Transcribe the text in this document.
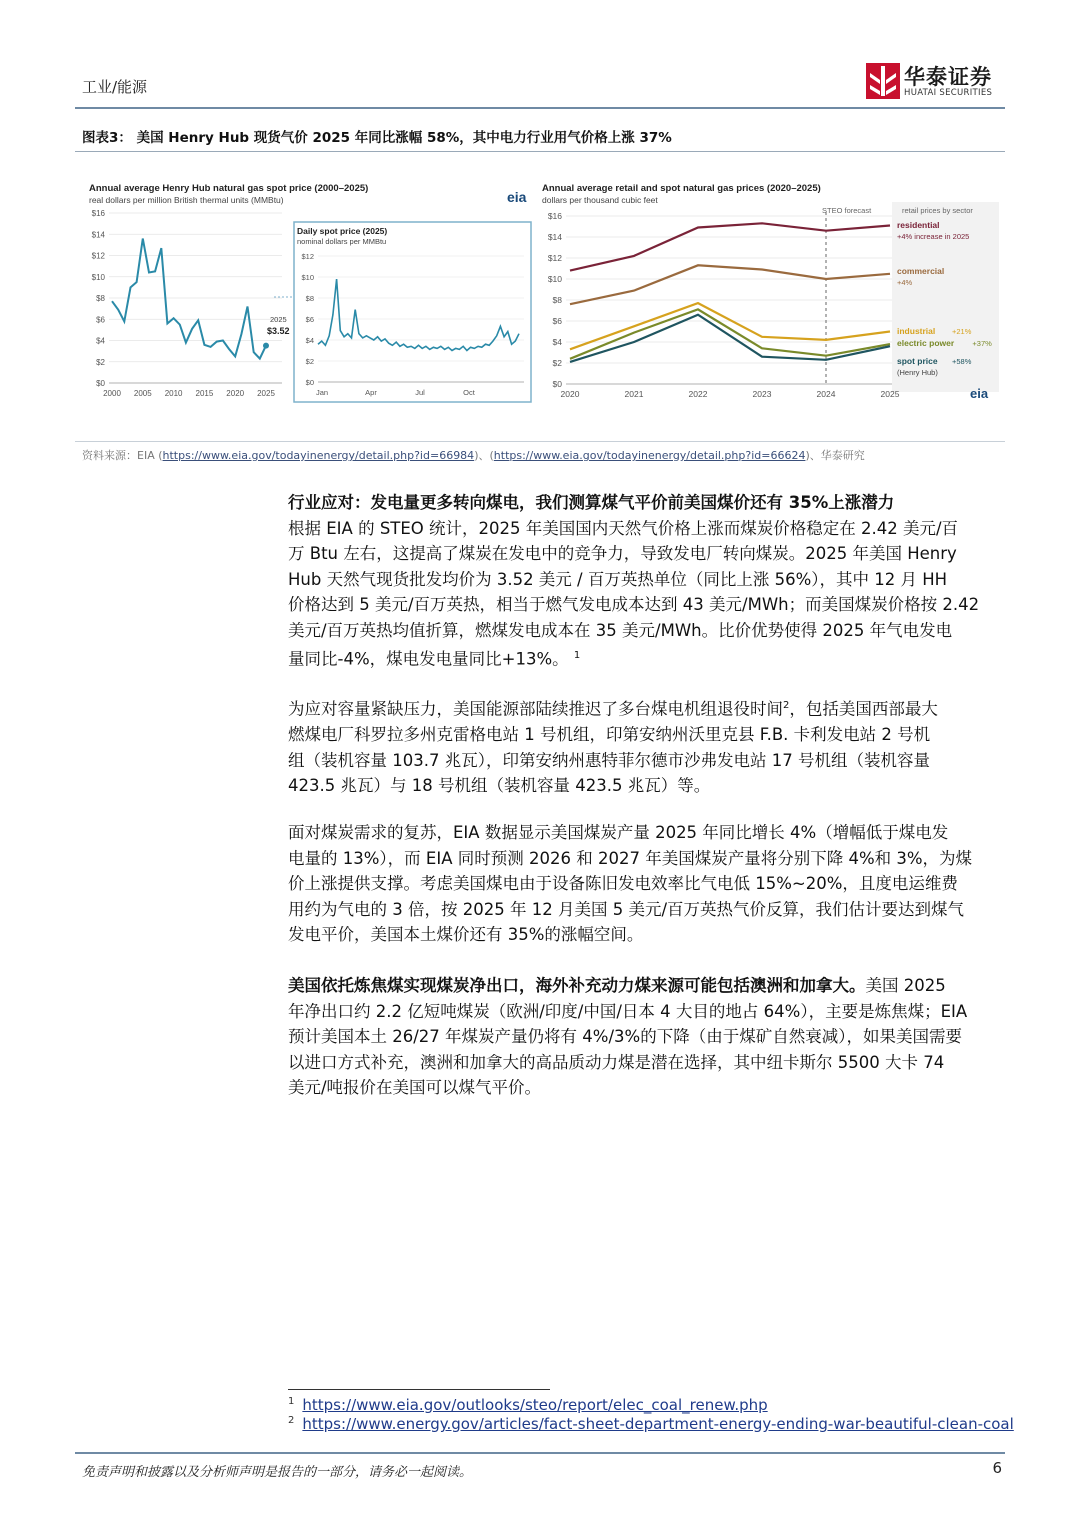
工业/能源	华泰证券
HUATAI SECURITIES
图表3： 美国 Henry Hub 现货气价 2025 年同比涨幅 58%，其中电力行业用气价格上涨 37%
Annual average Henry Hub natural gas spot price (2000–2025)
real dollars per million British thermal units (MMBtu)
$16
$14
$12
$10
$8
$6
$4
$2
$0
2000 2005 2010 2015 2020 2025
2025
$3.52
Daily spot price (2025)
nominal dollars per MMBtu
$12
$10
$8
$6
$4
$2
$0
Jan	Apr	Jul	Oct
Annual average retail and spot natural gas prices (2020–2025)
dollars per thousand cubic feet
retail prices by sector
$16
$14
$12
$10
$8
$6
$4
$2
$0
2020	2021	2022	2023	2024	2025
STEO forecast
residential
+4% increase in 2025
commercial
+4%
industrial +21%
electric power +37%
spot price +58%
(Henry Hub)
eia
eia
资料来源：EIA (https://www.eia.gov/todayinenergy/detail.php?id=66984)、(https://www.eia.gov/todayinenergy/detail.php?id=66624)、华泰研究
行业应对：发电量更多转向煤电，我们测算煤气平价前美国煤价还有 35%上涨潜力
根据 EIA 的 STEO 统计，2025 年美国国内天然气价格上涨而煤炭价格稳定在 2.42 美元/百
万 Btu 左右，这提高了煤炭在发电中的竞争力，导致发电厂转向煤炭。2025 年美国 Henry
Hub 天然气现货批发均价为 3.52 美元 / 百万英热单位（同比上涨 56%），其中 12 月 HH
价格达到 5 美元/百万英热，相当于燃气发电成本达到 43 美元/MWh；而美国煤炭价格按 2.42
美元/百万英热均值折算，燃煤发电成本在 35 美元/MWh。比价优势使得 2025 年气电发电
量同比-4%，煤电发电量同比+13%。 $^1$
为应对容量紧缺压力，美国能源部陆续推迟了多台煤电机组退役时间$^2$，包括美国西部最大
燃煤电厂科罗拉多州克雷格电站 1 号机组，印第安纳州沃里克县 F.B. 卡利发电站 2 号机
组（装机容量 103.7 兆瓦），印第安纳州惠特菲尔德市沙弗发电站 17 号机组（装机容量
423.5 兆瓦）与 18 号机组（装机容量 423.5 兆瓦）等。
面对煤炭需求的复苏，EIA 数据显示美国煤炭产量 2025 年同比增长 4%（增幅低于煤电发
电量的 13%），而 EIA 同时预测 2026 和 2027 年美国煤炭产量将分别下降 4%和 3%，为煤
价上涨提供支撑。考虑美国煤电由于设备陈旧发电效率比气电低 15%~20%，且度电运维费
用约为气电的 3 倍，按 2025 年 12 月美国 5 美元/百万英热气价反算，我们估计要达到煤气
发电平价，美国本土煤价还有 35%的涨幅空间。
美国依托炼焦煤实现煤炭净出口，海外补充动力煤来源可能包括澳洲和加拿大。美国 2025
年净出口约 2.2 亿短吨煤炭（欧洲/印度/中国/日本 4 大目的地占 64%），主要是炼焦煤；EIA
预计美国本土 26/27 年煤炭产量仍将有 4%/3%的下降（由于煤矿自然衰减），如果美国需要
以进口方式补充，澳洲和加拿大的高品质动力煤是潜在选择，其中纽卡斯尔 5500 大卡 74
美元/吨报价在美国可以煤气平价。
$^1$ https://www.eia.gov/outlooks/steo/report/elec_coal_renew.php
$^2$ https://www.energy.gov/articles/fact-sheet-department-energy-ending-war-beautiful-clean-coal
免责声明和披露以及分析师声明是报告的一部分，请务必一起阅读。	6
